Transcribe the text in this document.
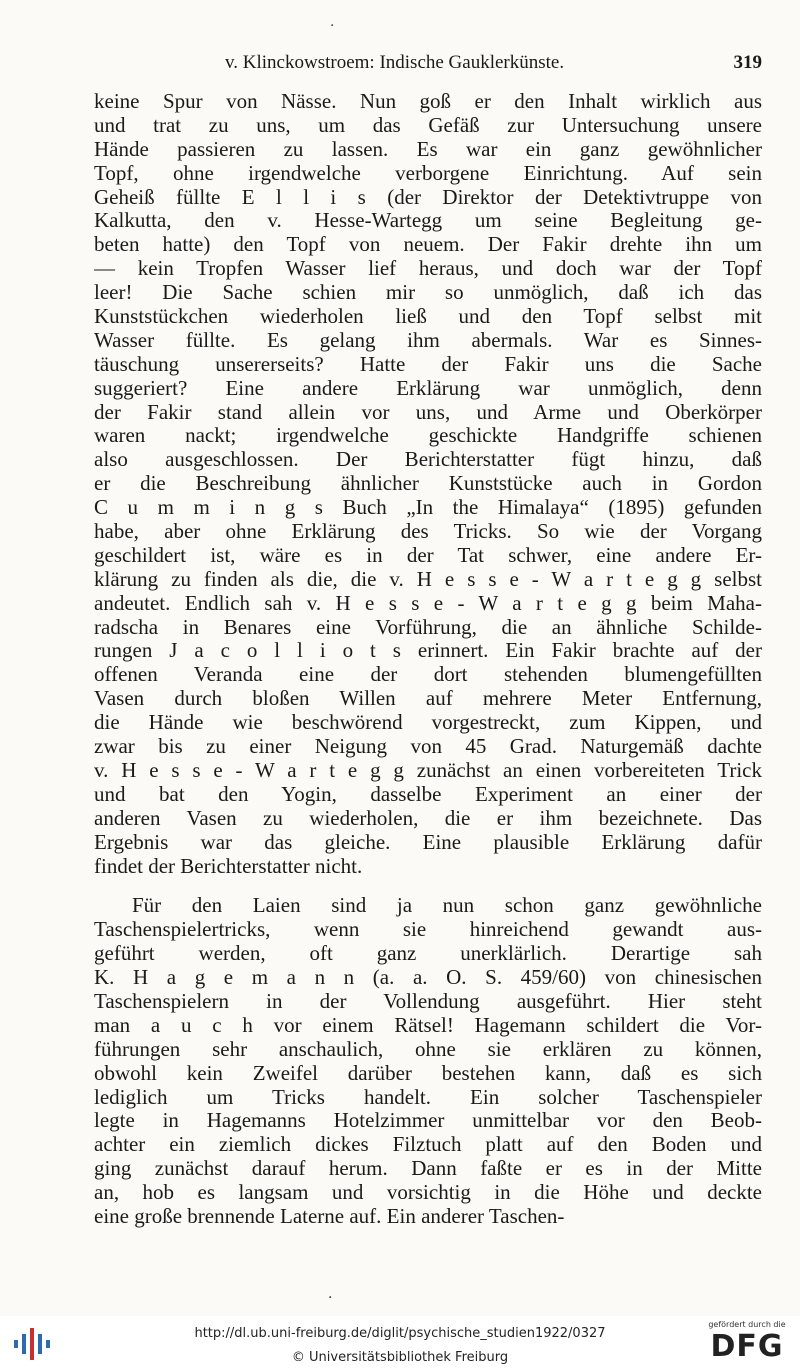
·
v. Klinckowstroem: Indische Gauklerkünste.	319
keine Spur von Nässe. Nun goß er den Inhalt wirklich aus
und trat zu uns, um das Gefäß zur Untersuchung unsere
Hände passieren zu lassen. Es war ein ganz gewöhnlicher
Topf, ohne irgendwelche verborgene Einrichtung. Auf sein
Geheiß füllte E l l i s (der Direktor der Detektivtruppe von
Kalkutta, den v. Hesse-Wartegg um seine Begleitung ge-
beten hatte) den Topf von neuem. Der Fakir drehte ihn um
— kein Tropfen Wasser lief heraus, und doch war der Topf
leer! Die Sache schien mir so unmöglich, daß ich das
Kunststückchen wiederholen ließ und den Topf selbst mit
Wasser füllte. Es gelang ihm abermals. War es Sinnes-
täuschung unsererseits? Hatte der Fakir uns die Sache
suggeriert? Eine andere Erklärung war unmöglich, denn
der Fakir stand allein vor uns, und Arme und Oberkörper
waren nackt; irgendwelche geschickte Handgriffe schienen
also ausgeschlossen. Der Berichterstatter fügt hinzu, daß
er die Beschreibung ähnlicher Kunststücke auch in Gordon
C u m m i n g s Buch „In the Himalaya“ (1895) gefunden
habe, aber ohne Erklärung des Tricks. So wie der Vorgang
geschildert ist, wäre es in der Tat schwer, eine andere Er-
klärung zu finden als die, die v. H e s s e - W a r t e g g selbst
andeutet. Endlich sah v. H e s s e - W a r t e g g beim Maha-
radscha in Benares eine Vorführung, die an ähnliche Schilde-
rungen J a c o l l i o t s erinnert. Ein Fakir brachte auf der
offenen Veranda eine der dort stehenden blumengefüllten
Vasen durch bloßen Willen auf mehrere Meter Entfernung,
die Hände wie beschwörend vorgestreckt, zum Kippen, und
zwar bis zu einer Neigung von 45 Grad. Naturgemäß dachte
v. H e s s e - W a r t e g g zunächst an einen vorbereiteten Trick
und bat den Yogin, dasselbe Experiment an einer der
anderen Vasen zu wiederholen, die er ihm bezeichnete. Das
Ergebnis war das gleiche. Eine plausible Erklärung dafür
findet der Berichterstatter nicht.
Für den Laien sind ja nun schon ganz gewöhnliche
Taschenspielertricks, wenn sie hinreichend gewandt aus-
geführt werden, oft ganz unerklärlich. Derartige sah
K. H a g e m a n n (a. a. O. S. 459/60) von chinesischen
Taschenspielern in der Vollendung ausgeführt. Hier steht
man a u c h vor einem Rätsel! Hagemann schildert die Vor-
führungen sehr anschaulich, ohne sie erklären zu können,
obwohl kein Zweifel darüber bestehen kann, daß es sich
lediglich um Tricks handelt. Ein solcher Taschenspieler
legte in Hagemanns Hotelzimmer unmittelbar vor den Beob-
achter ein ziemlich dickes Filztuch platt auf den Boden und
ging zunächst darauf herum. Dann faßte er es in der Mitte
an, hob es langsam und vorsichtig in die Höhe und deckte
eine große brennende Laterne auf. Ein anderer Taschen-
·
http://dl.ub.uni-freiburg.de/diglit/psychische_studien1922/0327
© Universitätsbibliothek Freiburg
gefördert durch die
DFG
